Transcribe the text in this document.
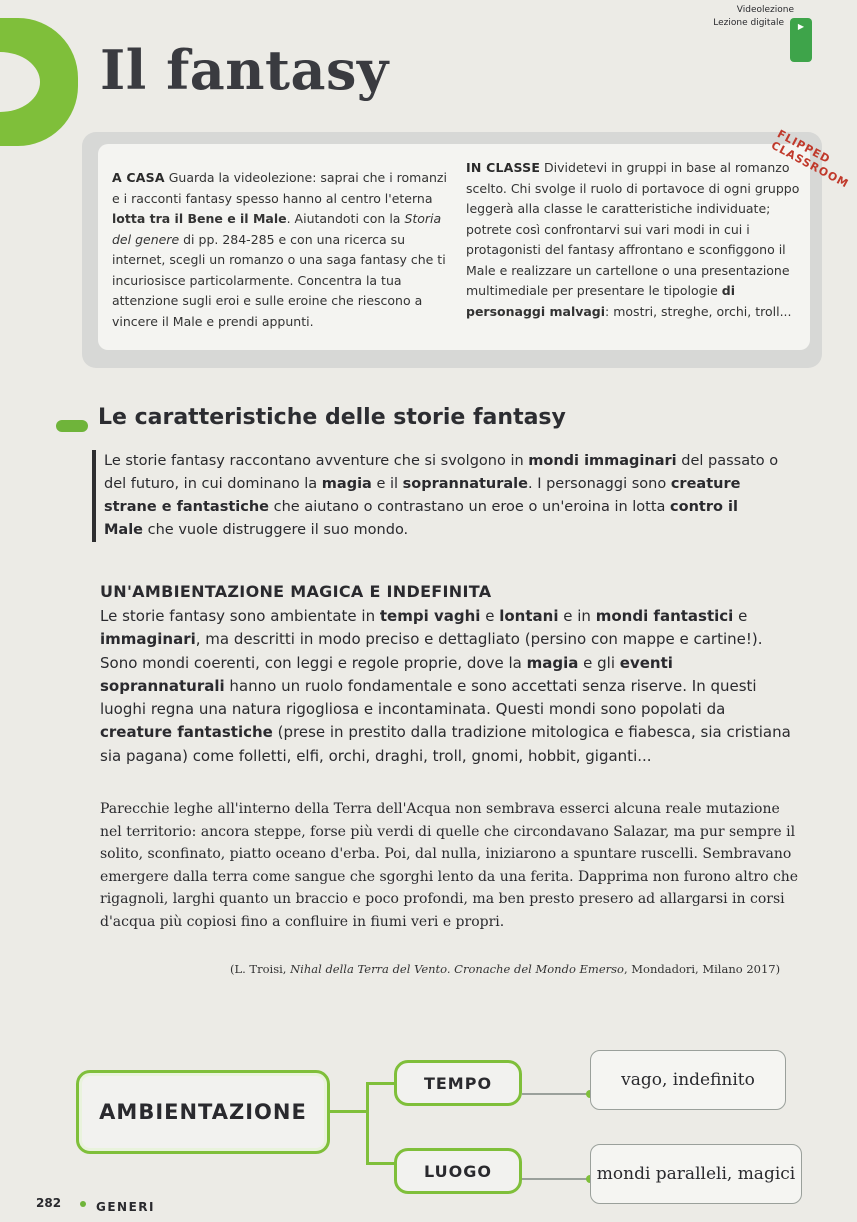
Il fantasy
Videolezione
Lezione digitale	▶
FLIPPED CLASSROOM

A CASA Guarda la videolezione: saprai che i romanzi e i racconti fantasy spesso hanno al centro l'eterna lotta tra il Bene e il Male. Aiutandoti con la Storia del genere di pp. 284-285 e con una ricerca su internet, scegli un romanzo o una saga fantasy che ti incuriosisce particolarmente. Concentra la tua attenzione sugli eroi e sulle eroine che riescono a vincere il Male e prendi appunti.

IN CLASSE Dividetevi in gruppi in base al romanzo scelto. Chi svolge il ruolo di portavoce di ogni gruppo leggerà alla classe le caratteristiche individuate; potrete così confrontarvi sui vari modi in cui i protagonisti del fantasy affrontano e sconfiggono il Male e realizzare un cartellone o una presentazione multimediale per presentare le tipologie di personaggi malvagi: mostri, streghe, orchi, troll...

Le caratteristiche delle storie fantasy

Le storie fantasy raccontano avventure che si svolgono in mondi immaginari del passato o del futuro, in cui dominano la magia e il soprannaturale. I personaggi sono creature strane e fantastiche che aiutano o contrastano un eroe o un'eroina in lotta contro il Male che vuole distruggere il suo mondo.

UN'AMBIENTAZIONE MAGICA E INDEFINITA

Le storie fantasy sono ambientate in tempi vaghi e lontani e in mondi fantastici e immaginari, ma descritti in modo preciso e dettagliato (persino con mappe e cartine!). Sono mondi coerenti, con leggi e regole proprie, dove la magia e gli eventi soprannaturali hanno un ruolo fondamentale e sono accettati senza riserve. In questi luoghi regna una natura rigogliosa e incontaminata. Questi mondi sono popolati da creature fantastiche (prese in prestito dalla tradizione mitologica e fiabesca, sia cristiana sia pagana) come folletti, elfi, orchi, draghi, troll, gnomi, hobbit, giganti...

Parecchie leghe all'interno della Terra dell'Acqua non sembrava esserci alcuna reale mutazione nel territorio: ancora steppe, forse più verdi di quelle che circondavano Salazar, ma pur sempre il solito, sconfinato, piatto oceano d'erba. Poi, dal nulla, iniziarono a spuntare ruscelli. Sembravano emergere dalla terra come sangue che sgorghi lento da una ferita. Dapprima non furono altro che rigagnoli, larghi quanto un braccio e poco profondi, ma ben presto presero ad allargarsi in corsi d'acqua più copiosi fino a confluire in fiumi veri e propri.

(L. Troisi, Nihal della Terra del Vento. Cronache del Mondo Emerso, Mondadori, Milano 2017)

AMBIENTAZIONE
TEMPO
LUOGO
vago, indefinito
mondi paralleli, magici
282	GENERI
